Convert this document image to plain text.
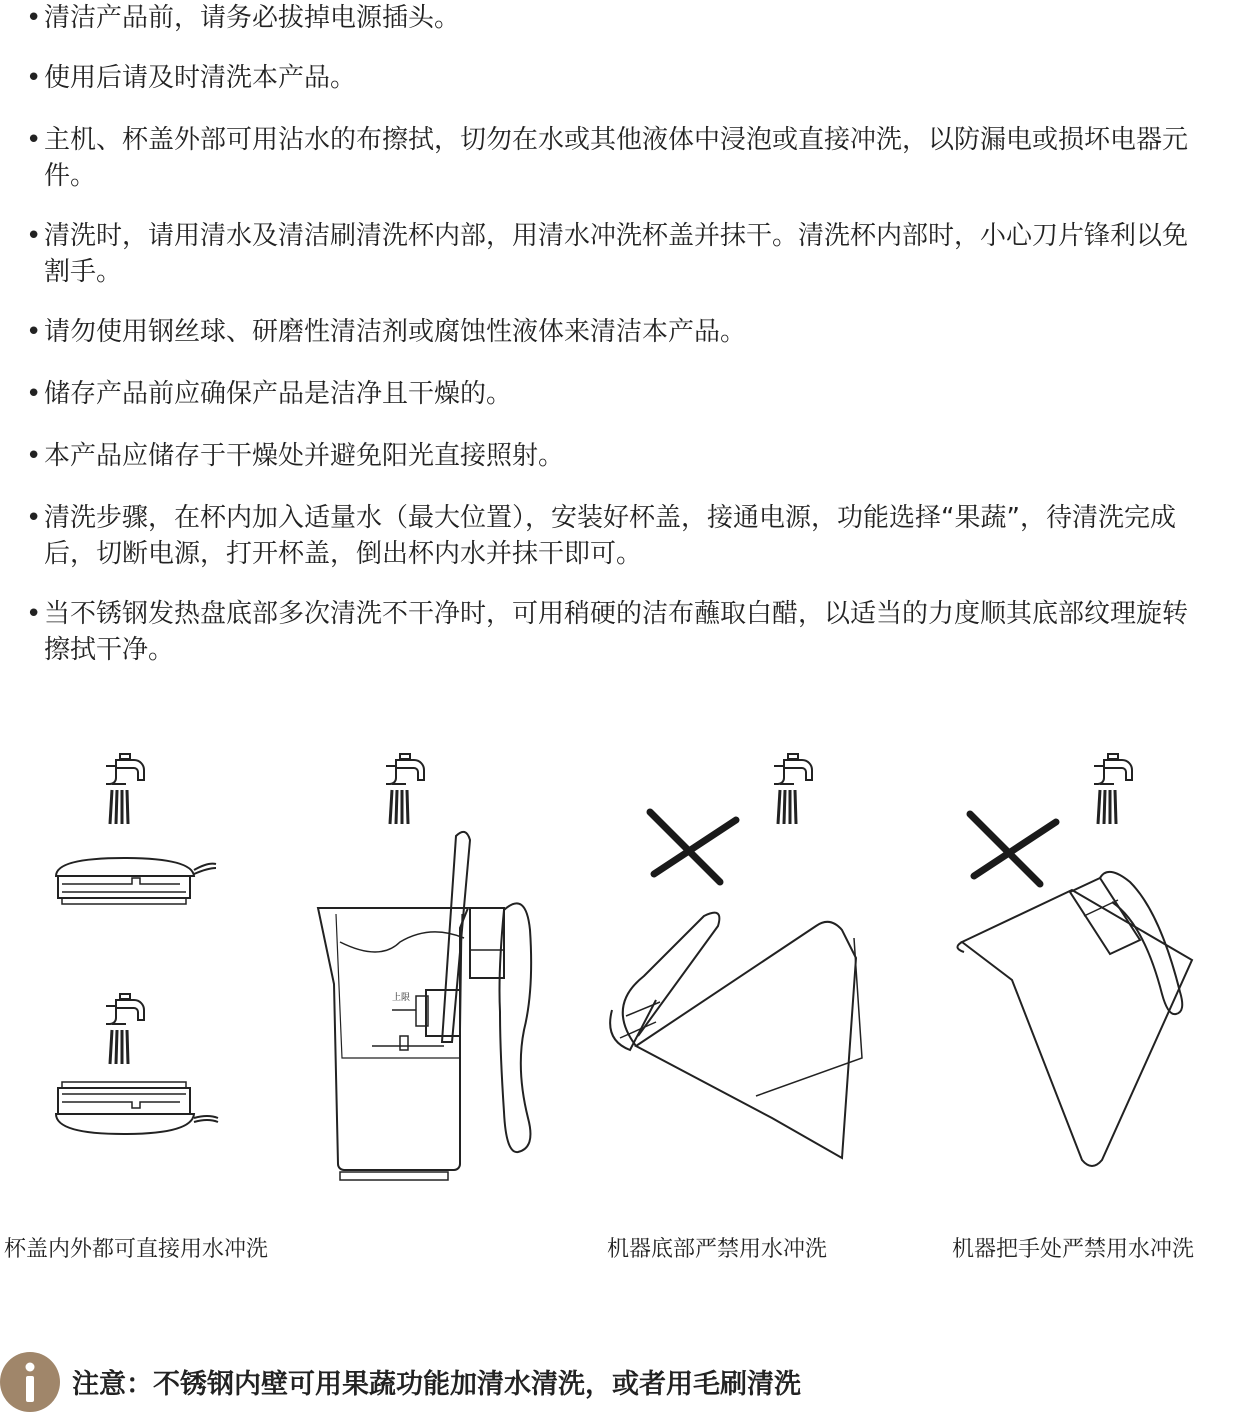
• 清洁产品前，请务必拔掉电源插头。
• 使用后请及时清洗本产品。
• 主机、杯盖外部可用沾水的布擦拭，切勿在水或其他液体中浸泡或直接冲洗，以防漏电或损坏电器元件。
• 清洗时，请用清水及清洁刷清洗杯内部，用清水冲洗杯盖并抹干。清洗杯内部时，小心刀片锋利以免割手。
• 请勿使用钢丝球、研磨性清洁剂或腐蚀性液体来清洁本产品。
• 储存产品前应确保产品是洁净且干燥的。
• 本产品应储存于干燥处并避免阳光直接照射。
• 清洗步骤，在杯内加入适量水（最大位置），安装好杯盖，接通电源，功能选择“果蔬”，待清洗完成后，切断电源，打开杯盖，倒出杯内水并抹干即可。
• 当不锈钢发热盘底部多次清洗不干净时，可用稍硬的洁布蘸取白醋，以适当的力度顺其底部纹理旋转擦拭干净。
上限
杯盖内外都可直接用水冲洗	机器底部严禁用水冲洗	机器把手处严禁用水冲洗
注意：不锈钢内壁可用果蔬功能加清水清洗，或者用毛刷清洗
